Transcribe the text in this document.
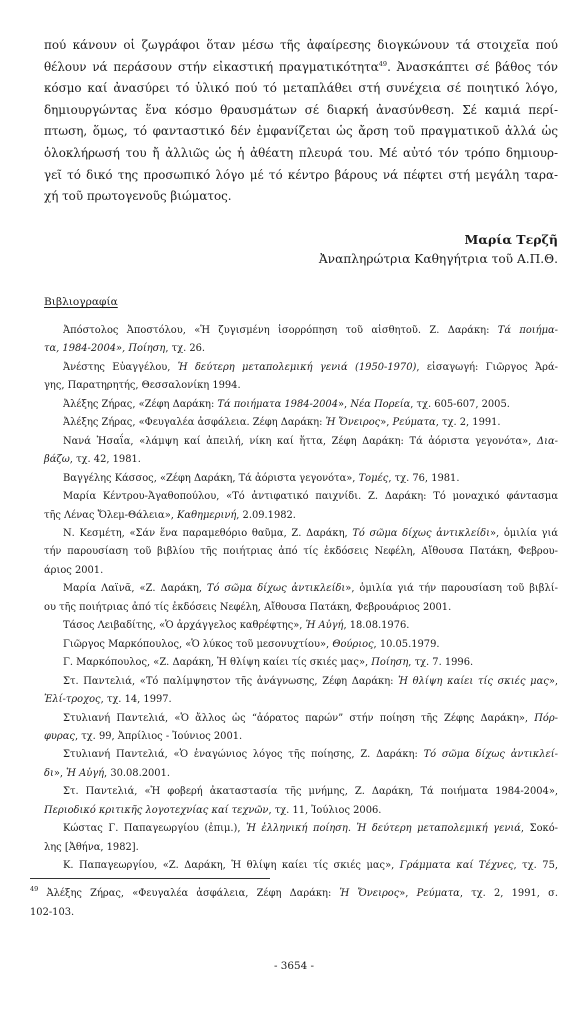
πού κάνουν οἱ ζωγράφοι ὅταν μέσω τῆς ἀφαίρεσης διογκώνουν τά στοιχεῖα πού
θέλουν νά περάσουν στήν εἰκαστική πραγματικότητα$^{49}$. Ἀνασκάπτει σέ βάθος τόν
κόσμο καί ἀνασύρει τό ὑλικό πού τό μεταπλάθει στή συνέχεια σέ ποιητικό λόγο,
δημιουργώντας ἕνα κόσμο θραυσμάτων σέ διαρκή ἀνασύνθεση. Σέ καμιά περί-
πτωση, ὅμως, τό φανταστικό δέν ἐμφανίζεται ὡς ἄρση τοῦ πραγματικοῦ ἀλλά ὡς
ὁλοκλήρωσή του ἤ ἀλλιῶς ὡς ἡ ἀθέατη πλευρά του. Μέ αὐτό τόν τρόπο δημιουρ-
γεῖ τό δικό της προσωπικό λόγο μέ τό κέντρο βάρους νά πέφτει στή μεγάλη ταρα-
χή τοῦ πρωτογενοῦς βιώματος.
Μαρία Τερζῆ
Ἀναπληρώτρια Καθηγήτρια τοῦ Α.Π.Θ.
Βιβλιογραφία
Ἀπόστολος Ἀποστόλου, «Ἡ ζυγισμένη ἰσορρόπηση τοῦ αἰσθητοῦ. Ζ. Δαράκη: Τά ποιήμα-
τα, 1984-2004», Ποίηση, τχ. 26.
Ἀνέστης Εὐαγγέλου, Ἡ δεύτερη μεταπολεμική γενιά (1950-1970), εἰσαγωγή: Γιῶργος Ἀρά-
γης, Παρατηρητής, Θεσσαλονίκη 1994.
Ἀλέξης Ζήρας, «Ζέφη Δαράκη: Τά ποιήματα 1984-2004», Νέα Πορεία, τχ. 605-607, 2005.
Ἀλέξης Ζήρας, «Φευγαλέα ἀσφάλεια. Ζέφη Δαράκη: Ἡ Ὄνειρος», Ρεύματα, τχ. 2, 1991.
Νανά Ἠσαΐα, «λάμψη καί ἀπειλή, νίκη καί ἥττα, Ζέφη Δαράκη: Τά ἀόριστα γεγονότα», Δια-
βάζω, τχ. 42, 1981.
Βαγγέλης Κάσσος, «Ζέφη Δαράκη, Τά ἀόριστα γεγονότα», Τομές, τχ. 76, 1981.
Μαρία Κέντρου-Ἀγαθοπούλου, «Τό ἀντιφατικό παιχνίδι. Ζ. Δαράκη: Τό μοναχικό φάντασμα
τῆς Λένας Ὄλεμ-Θάλεια», Καθημερινή, 2.09.1982.
Ν. Κεσμέτη, «Σάν ἕνα παραμεθόριο θαῦμα, Ζ. Δαράκη, Τό σῶμα δίχως ἀντικλείδι», ὁμιλία γιά
τήν παρουσίαση τοῦ βιβλίου τῆς ποιήτριας ἀπό τίς ἐκδόσεις Νεφέλη, Αἴθουσα Πατάκη, Φεβρου-
άριος 2001.
Μαρία Λαϊνᾶ, «Ζ. Δαράκη, Τό σῶμα δίχως ἀντικλείδι», ὁμιλία γιά τήν παρουσίαση τοῦ βιβλί-
ου τῆς ποιήτριας ἀπό τίς ἐκδόσεις Νεφέλη, Αἴθουσα Πατάκη, Φεβρουάριος 2001.
Τάσος Λειβαδίτης, «Ὁ ἀρχάγγελος καθρέφτης», Ἡ Αὐγή, 18.08.1976.
Γιῶργος Μαρκόπουλος, «Ὁ λύκος τοῦ μεσονυχτίου», Θούριος, 10.05.1979.
Γ. Μαρκόπουλος, «Ζ. Δαράκη, Ἡ θλίψη καίει τίς σκιές μας», Ποίηση, τχ. 7. 1996.
Στ. Παντελιά, «Τό παλίμψηστον τῆς ἀνάγνωσης, Ζέφη Δαράκη: Ἡ θλίψη καίει τίς σκιές μας»,
Ἐλί-τροχος, τχ. 14, 1997.
Στυλιανή Παντελιά, «Ὁ ἄλλος ὡς “ἀόρατος παρών” στήν ποίηση τῆς Ζέφης Δαράκη», Πόρ-
φυρας, τχ. 99, Ἀπρίλιος - Ἰούνιος 2001.
Στυλιανή Παντελιά, «Ὁ ἐναγώνιος λόγος τῆς ποίησης, Ζ. Δαράκη: Τό σῶμα δίχως ἀντικλεί-
δι», Ἡ Αὐγή, 30.08.2001.
Στ. Παντελιά, «Ἡ φοβερή ἀκαταστασία τῆς μνήμης, Ζ. Δαράκη, Τά ποιήματα 1984-2004»,
Περιοδικό κριτικῆς λογοτεχνίας καί τεχνῶν, τχ. 11, Ἰούλιος 2006.
Κώστας Γ. Παπαγεωργίου (ἐπιμ.), Ἡ ἑλληνική ποίηση. Ἡ δεύτερη μεταπολεμική γενιά, Σοκό-
λης [Ἀθήνα, 1982].
Κ. Παπαγεωργίου, «Ζ. Δαράκη, Ἡ θλίψη καίει τίς σκιές μας», Γράμματα καί Τέχνες, τχ. 75,
$^{49}$ Ἀλέξης Ζήρας, «Φευγαλέα ἀσφάλεια, Ζέφη Δαράκη: Ἡ Ὄνειρος», Ρεύματα, τχ. 2, 1991, σ.
102-103.
- 3654 -
